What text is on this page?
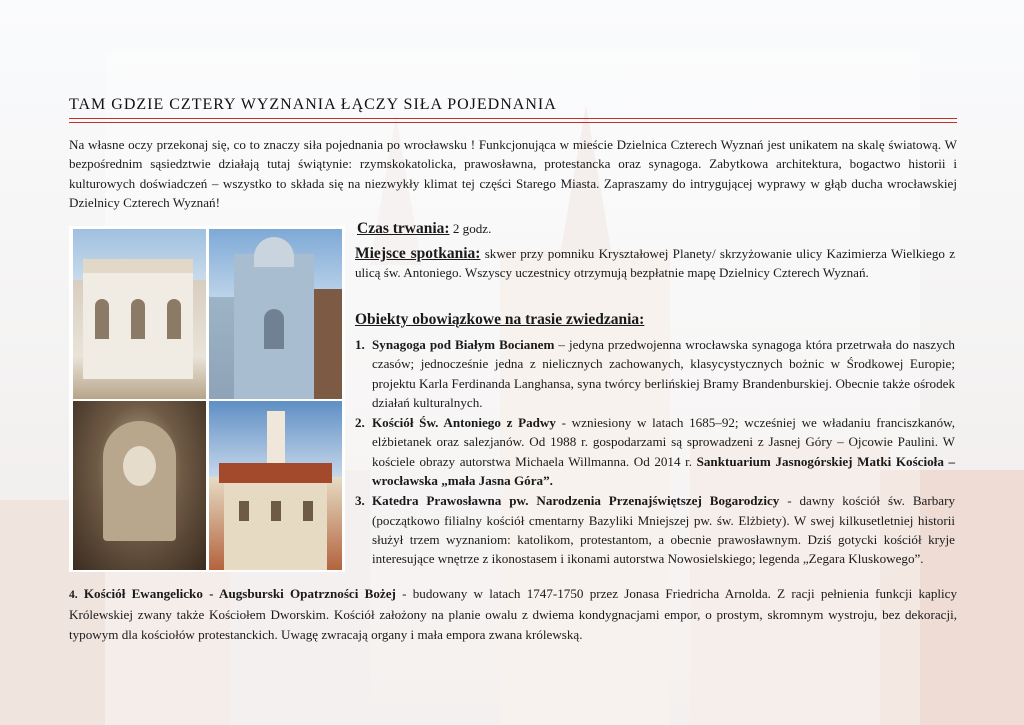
TAM GDZIE CZTERY WYZNANIA ŁĄCZY SIŁA POJEDNANIA

Na własne oczy przekonaj się, co to znaczy siła pojednania po wrocławsku ! Funkcjonująca w mieście Dzielnica Czterech Wyznań jest unikatem na skalę światową. W bezpośrednim sąsiedztwie działają tutaj świątynie: rzymskokatolicka, prawosławna, protestancka oraz synagoga. Zabytkowa architektura, bogactwo historii i kulturowych doświadczeń – wszystko to składa się na niezwykły klimat tej części Starego Miasta. Zapraszamy do intrygującej wyprawy w głąb ducha wrocławskiej Dzielnicy Czterech Wyznań!

Czas trwania: 2 godz.

Miejsce spotkania: skwer przy pomniku Kryształowej Planety/ skrzyżowanie ulicy Kazimierza Wielkiego z ulicą św. Antoniego. Wszyscy uczestnicy otrzymują bezpłatnie mapę Dzielnicy Czterech Wyznań.

Obiekty obowiązkowe na trasie zwiedzania:

1. Synagoga pod Białym Bocianem – jedyna przedwojenna wrocławska synagoga która przetrwała do naszych czasów; jednocześnie jedna z nielicznych zachowanych, klasycystycznych bożnic w Środkowej Europie; projektu Karla Ferdinanda Langhansa, syna twórcy berlińskiej Bramy Brandenburskiej. Obecnie także ośrodek działań kulturalnych.
2. Kościół Św. Antoniego z Padwy - wzniesiony w latach 1685–92; wcześniej we władaniu franciszkanów, elżbietanek oraz salezjanów. Od 1988 r. gospodarzami są sprowadzeni z Jasnej Góry – Ojcowie Paulini. W kościele obrazy autorstwa Michaela Willmanna. Od 2014 r. Sanktuarium Jasnogórskiej Matki Kościoła – wrocławska „mała Jasna Góra”.
3. Katedra Prawosławna pw. Narodzenia Przenajświętszej Bogarodzicy - dawny kościół św. Barbary (początkowo filialny kościół cmentarny Bazyliki Mniejszej pw. św. Elżbiety). W swej kilkusetletniej historii służył trzem wyznaniom: katolikom, protestantom, a obecnie prawosławnym. Dziś gotycki kościół kryje interesujące wnętrze z ikonostasem i ikonami autorstwa Nowosielskiego; legenda „Zegara Kluskowego”.

4. Kościół Ewangelicko - Augsburski Opatrzności Bożej - budowany w latach 1747-1750 przez Jonasa Friedricha Arnolda. Z racji pełnienia funkcji kaplicy Królewskiej zwany także Kościołem Dworskim. Kościół założony na planie owalu z dwiema kondygnacjami empor, o prostym, skromnym wystroju, bez dekoracji, typowym dla kościołów protestanckich. Uwagę zwracają organy i mała empora zwana królewską.
